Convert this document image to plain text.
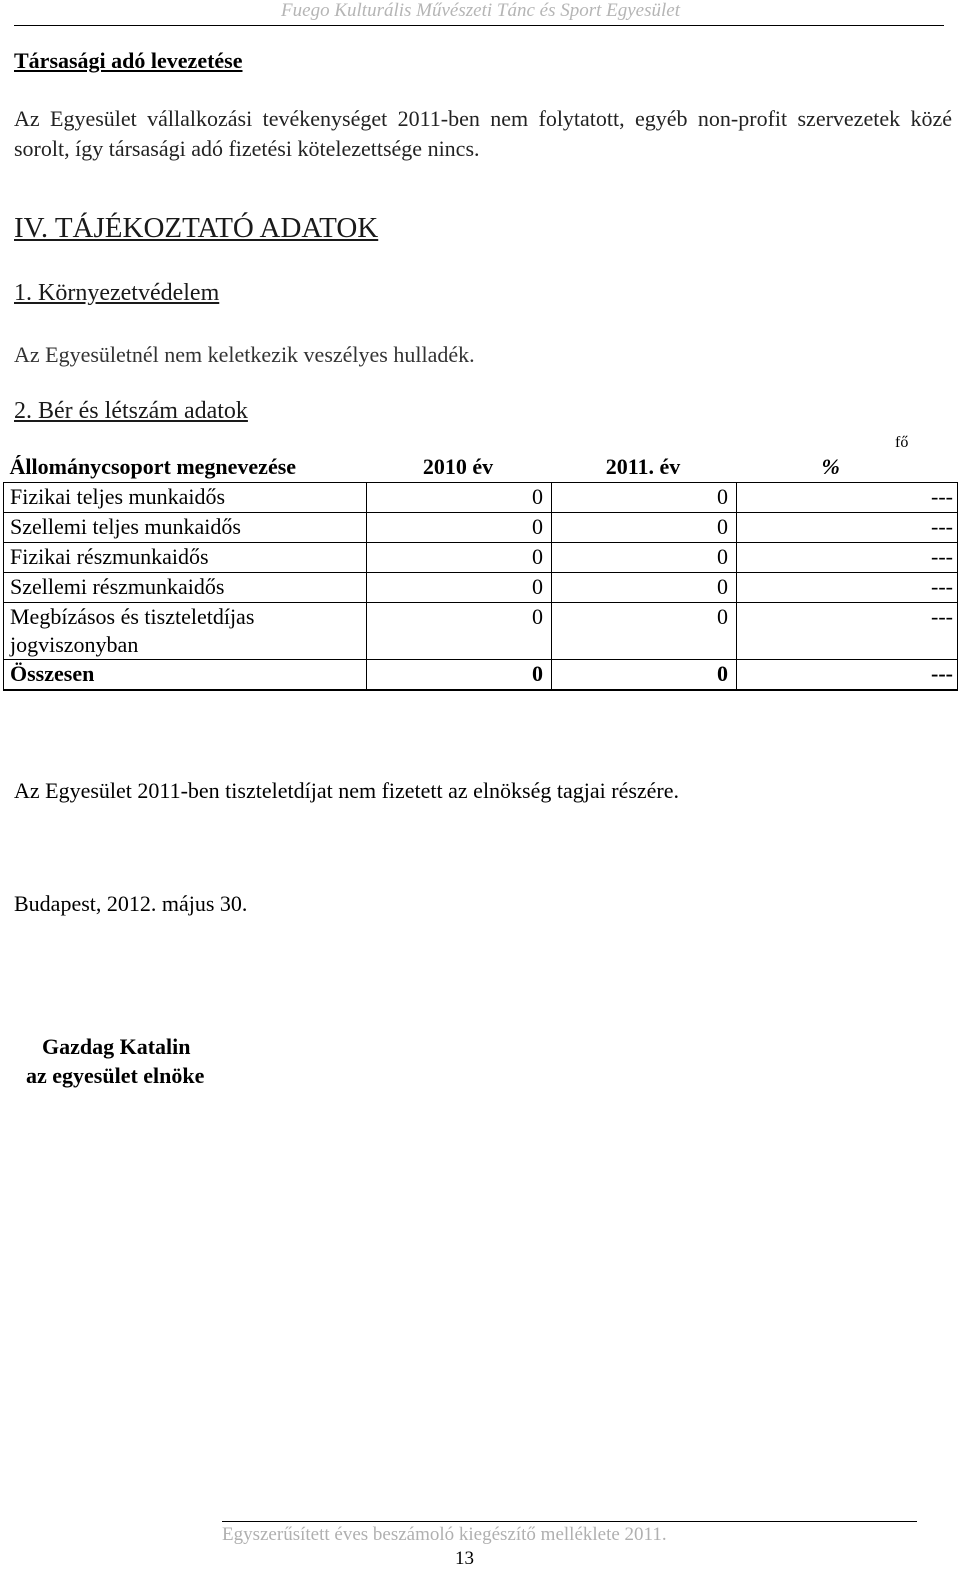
Fuego Kulturális Művészeti Tánc és Sport Egyesület
Társasági adó levezetése
Az Egyesület vállalkozási tevékenységet 2011-ben nem folytatott, egyéb non-profit szervezetek közé sorolt, így társasági adó fizetési kötelezettsége nincs.
IV. TÁJÉKOZTATÓ ADATOK
1. Környezetvédelem
Az Egyesületnél nem keletkezik veszélyes hulladék.
2. Bér és létszám adatok
fő
Állománycsoport megnevezése	2010 év	2011. év	%
Fizikai teljes munkaidős	0	0	---
Szellemi teljes munkaidős	0	0	---
Fizikai részmunkaidős	0	0	---
Szellemi részmunkaidős	0	0	---
Megbízásos és tiszteletdíjas jogviszonyban	0	0	---
Összesen	0	0	---
Az Egyesület 2011-ben tiszteletdíjat nem fizetett az elnökség tagjai részére.
Budapest, 2012. május 30.
Gazdag Katalin
az egyesület elnöke
Egyszerűsített éves beszámoló kiegészítő melléklete 2011.
13
